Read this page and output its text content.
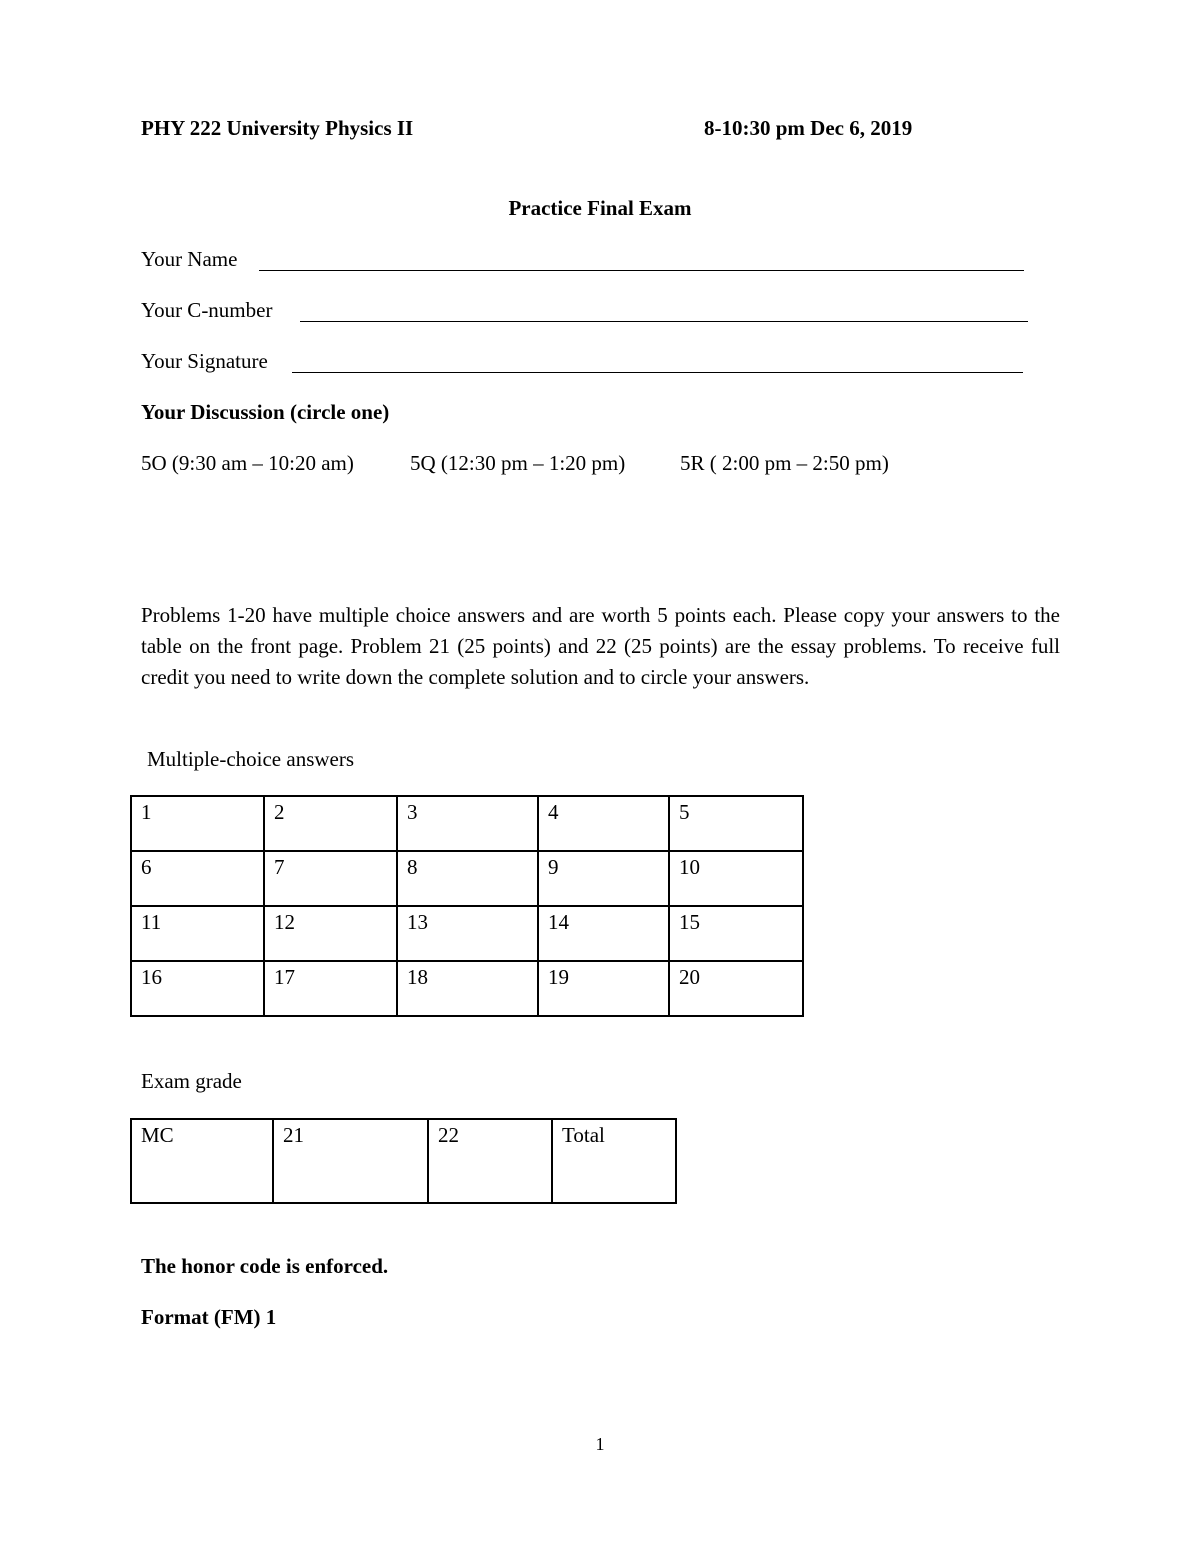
PHY 222 University Physics II	8-10:30 pm Dec 6, 2019
Practice Final Exam
Your Name
Your C-number
Your Signature
Your Discussion (circle one)
5O (9:30 am – 10:20 am)	5Q (12:30 pm – 1:20 pm)	5R ( 2:00 pm – 2:50 pm)
Problems 1-20 have multiple choice answers and are worth 5 points each. Please copy your answers to the table on the front page. Problem 21 (25 points) and 22 (25 points) are the essay problems. To receive full credit you need to write down the complete solution and to circle your answers.
Multiple-choice answers
1	2	3	4	5
6	7	8	9	10
11	12	13	14	15
16	17	18	19	20
Exam grade
MC	21	22	Total
The honor code is enforced.
Format (FM) 1
1
